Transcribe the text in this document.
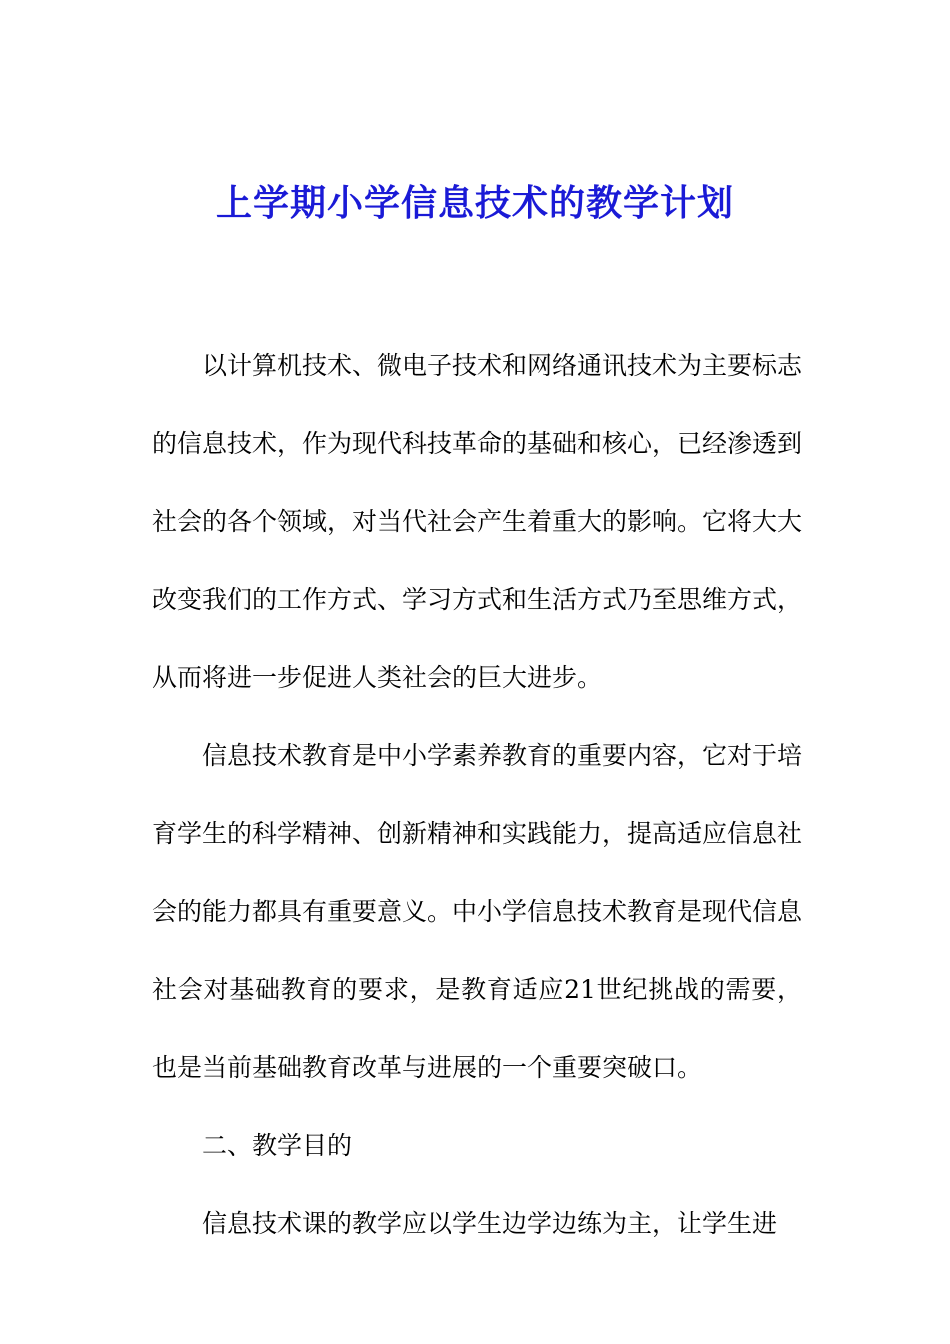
上学期小学信息技术的教学计划

以计算机技术、微电子技术和网络通讯技术为主要标志的信息技术，作为现代科技革命的基础和核心，已经渗透到社会的各个领域，对当代社会产生着重大的影响。它将大大改变我们的工作方式、学习方式和生活方式乃至思维方式，从而将进一步促进人类社会的巨大进步。

信息技术教育是中小学素养教育的重要内容，它对于培育学生的科学精神、创新精神和实践能力，提高适应信息社会的能力都具有重要意义。中小学信息技术教育是现代信息社会对基础教育的要求，是教育适应21世纪挑战的需要，也是当前基础教育改革与进展的一个重要突破口。

二、教学目的

信息技术课的教学应以学生边学边练为主，让学生进
